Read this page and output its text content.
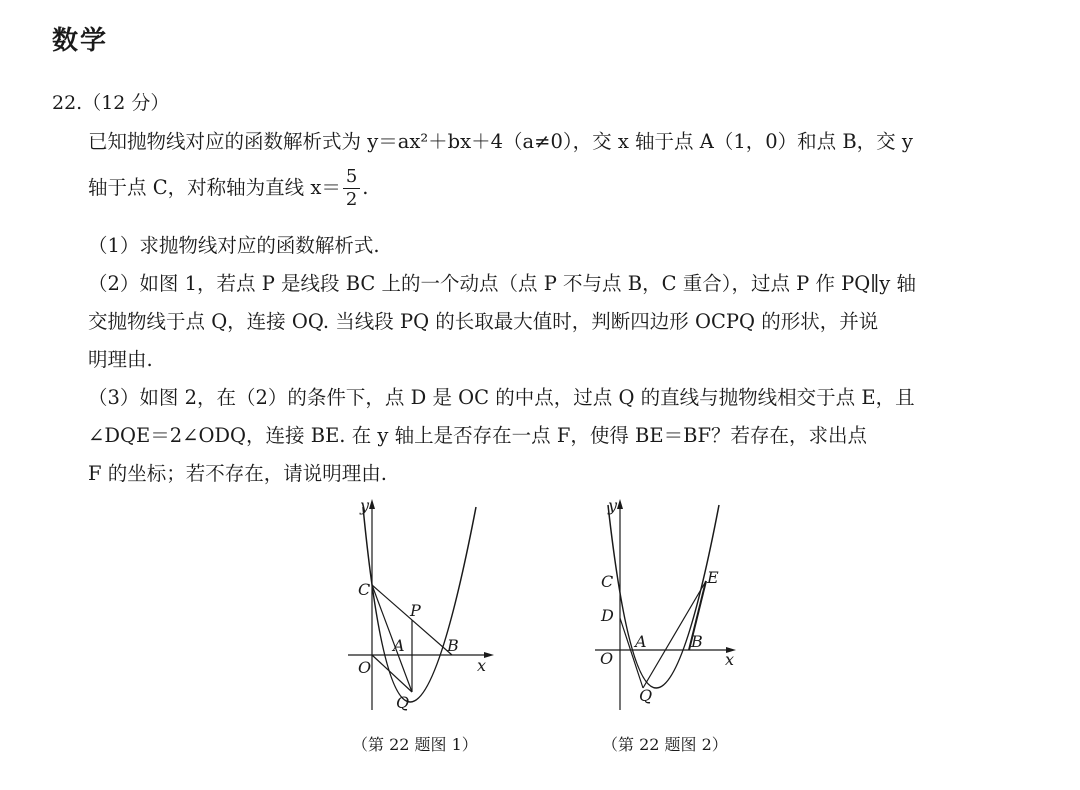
数学
22.（12 分）
已知抛物线对应的函数解析式为 y＝ax²＋bx＋4（a≠0），交 x 轴于点 A（1，0）和点 B，交 y
轴于点 C，对称轴为直线 $x= \frac{5}{2}$ .
（1）求抛物线对应的函数解析式.
（2）如图 1，若点 P 是线段 BC 上的一个动点（点 P 不与点 B，C 重合），过点 P 作 PQ∥y 轴
交抛物线于点 Q，连接 OQ. 当线段 PQ 的长取最大值时，判断四边形 OCPQ 的形状，并说
明理由.
（3）如图 2，在（2）的条件下，点 D 是 OC 的中点，过点 Q 的直线与抛物线相交于点 E，且
∠DQE＝2∠ODQ，连接 BE. 在 y 轴上是否存在一点 F，使得 BE＝BF？若存在，求出点
F 的坐标；若不存在，请说明理由.
y
C
P
A	B
O	x
Q
（第 22 题图 1）
y
C	E
D
A	B
O	x
Q
（第 22 题图 2）
